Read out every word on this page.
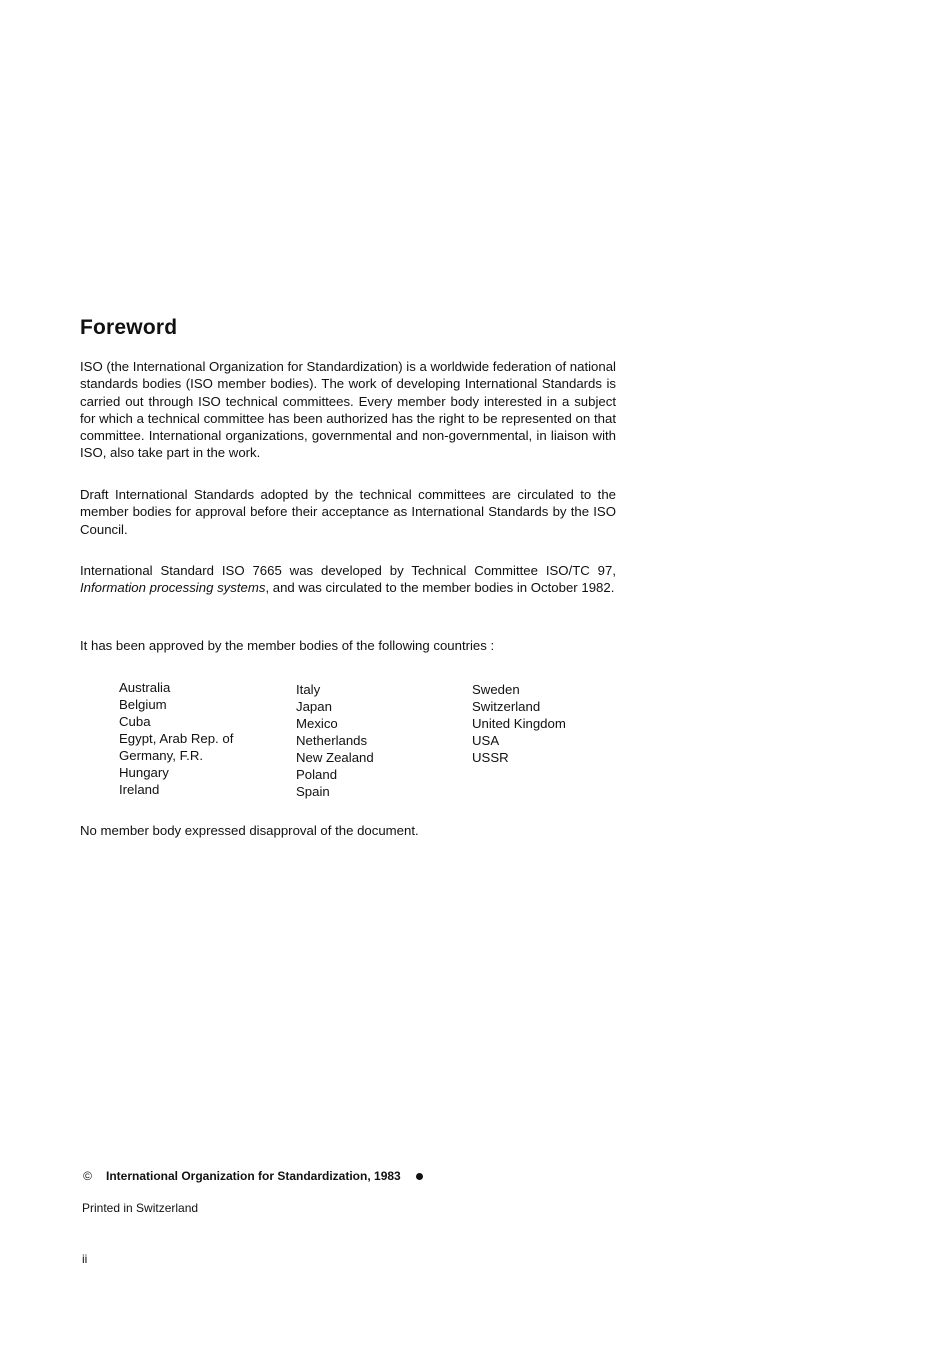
Foreword

ISO (the International Organization for Standardization) is a worldwide federation of national standards bodies (ISO member bodies). The work of developing International Standards is carried out through ISO technical committees. Every member body interested in a subject for which a technical committee has been authorized has the right to be represented on that committee. International organizations, governmental and non-governmental, in liaison with ISO, also take part in the work.

Draft International Standards adopted by the technical committees are circulated to the member bodies for approval before their acceptance as International Standards by the ISO Council.

International Standard ISO 7665 was developed by Technical Committee ISO/TC 97, Information processing systems, and was circulated to the member bodies in October 1982.

It has been approved by the member bodies of the following countries :

Australia
Belgium
Cuba
Egypt, Arab Rep. of
Germany, F.R.
Hungary
Ireland
Italy
Japan
Mexico
Netherlands
New Zealand
Poland
Spain
Sweden
Switzerland
United Kingdom
USA
USSR

No member body expressed disapproval of the document.

© International Organization for Standardization, 1983
Printed in Switzerland
ii
